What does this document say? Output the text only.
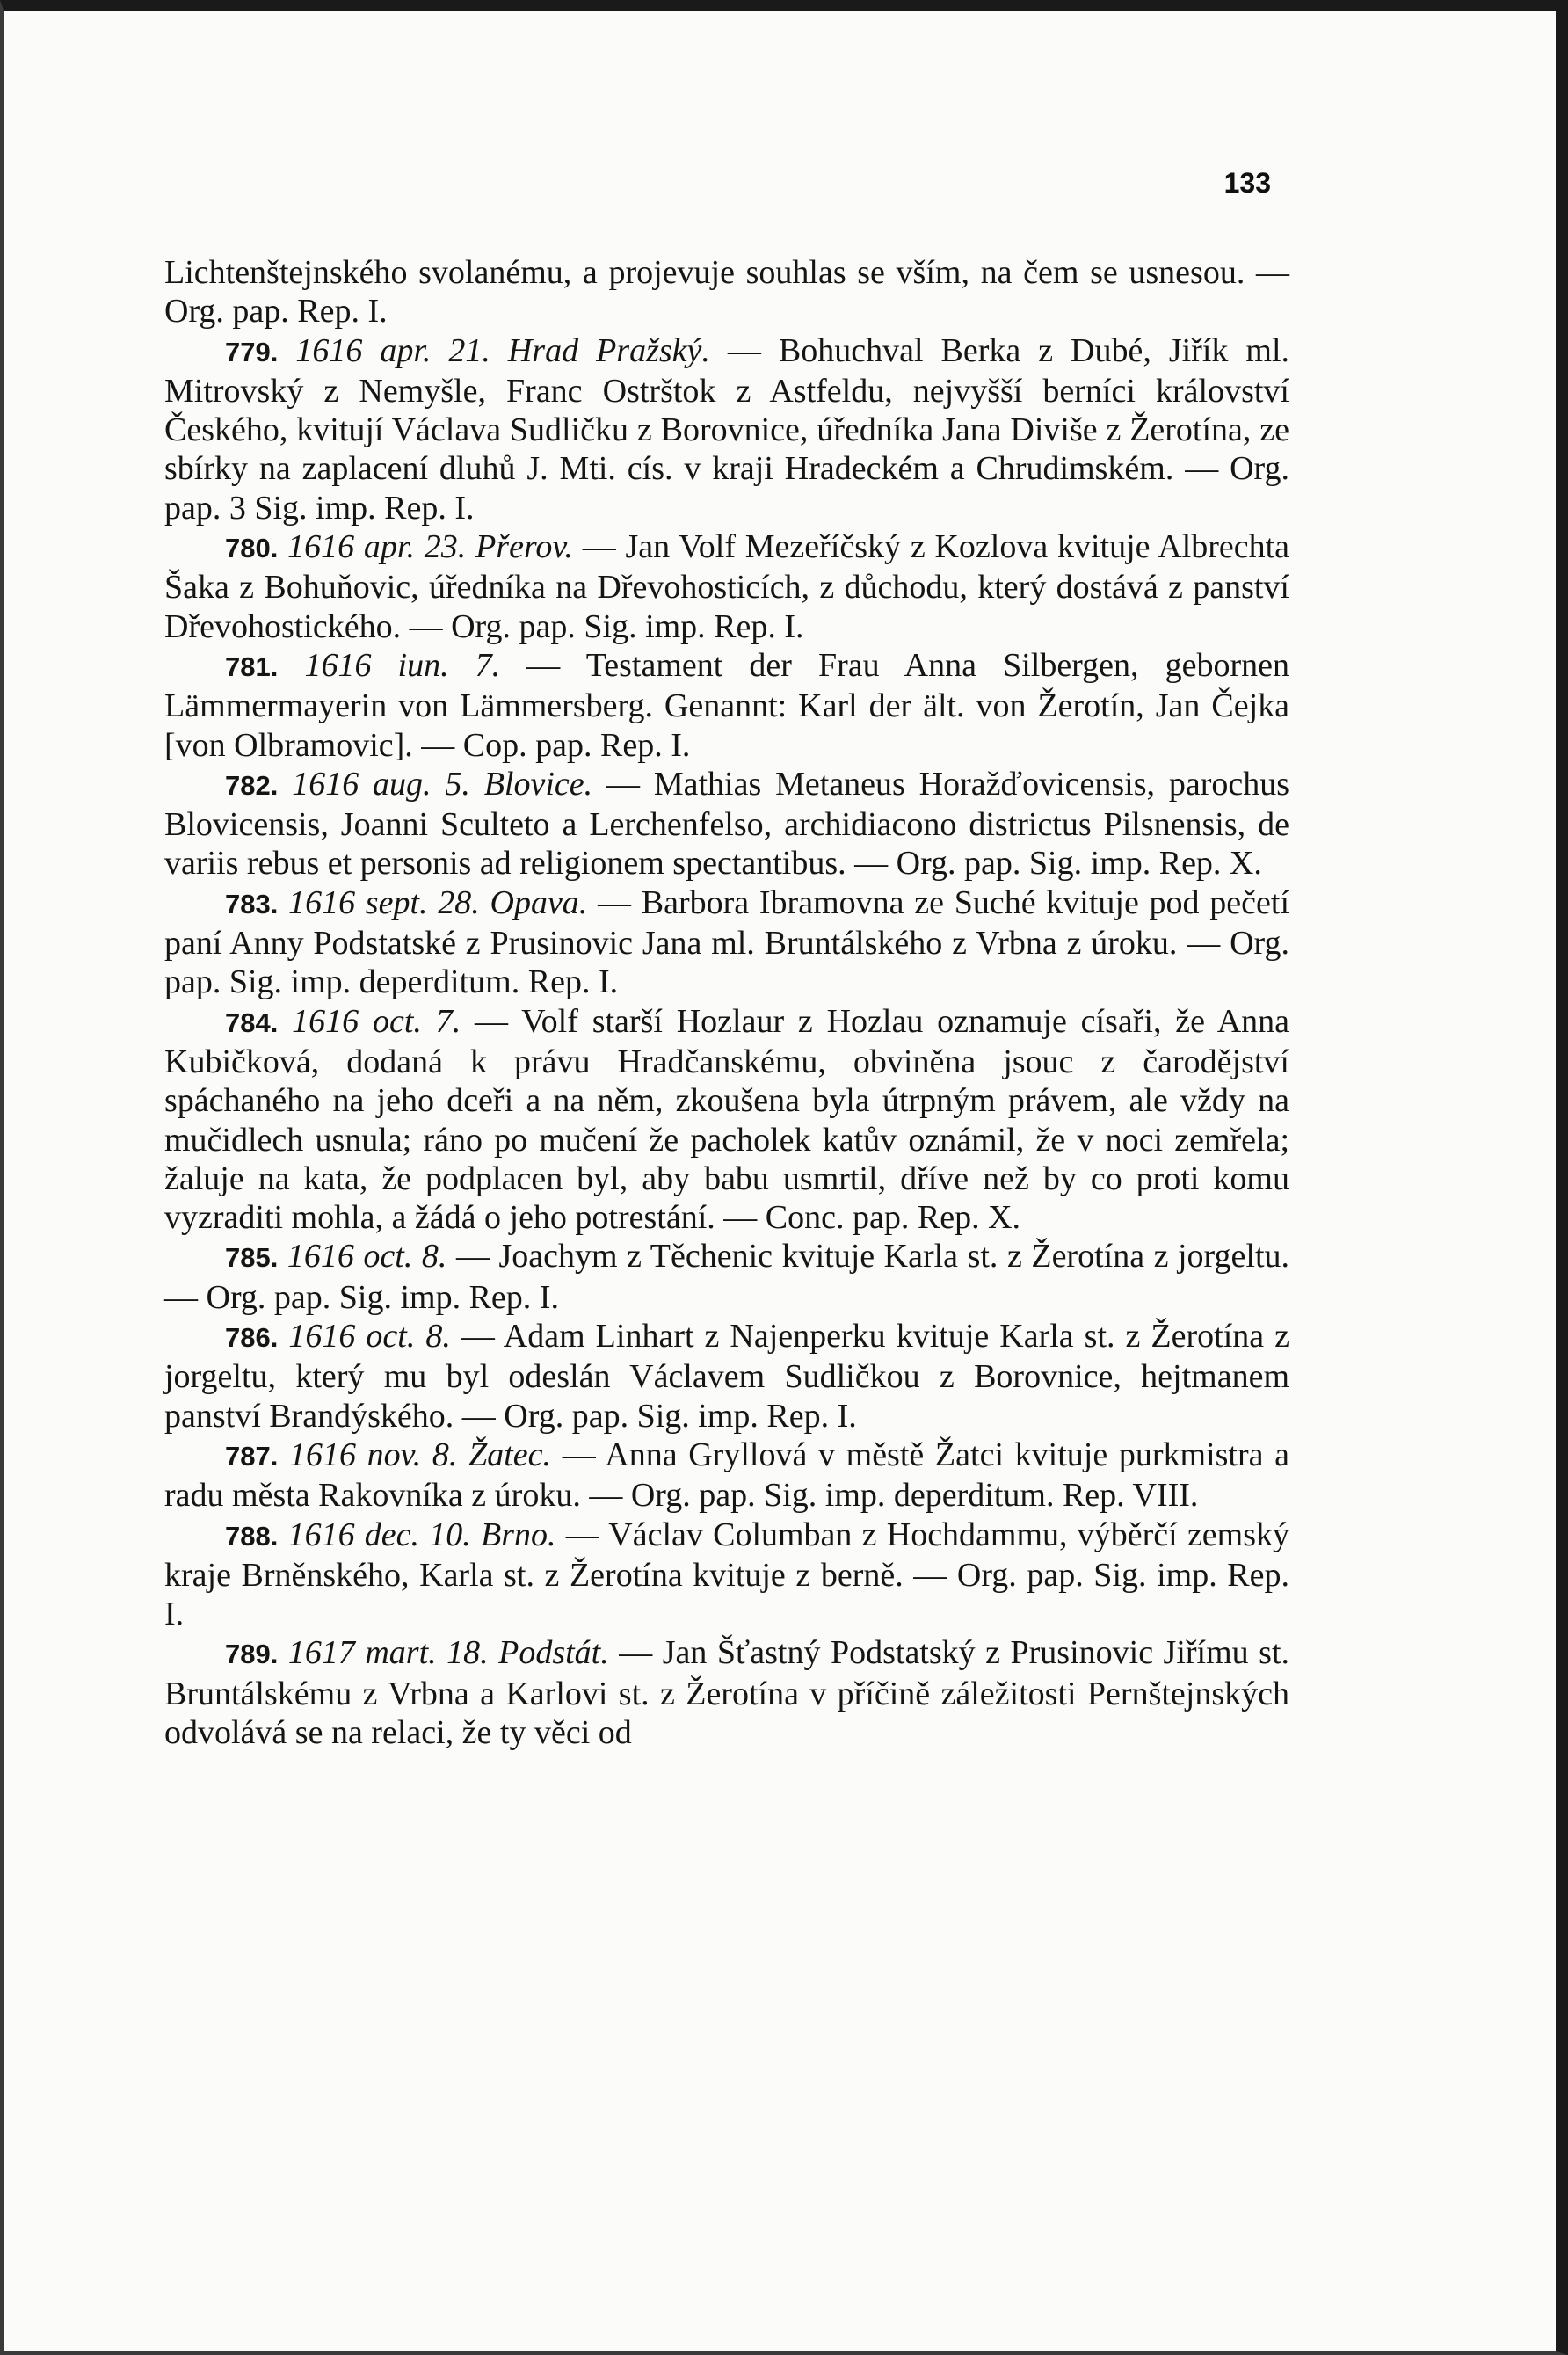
133

Lichtenštejnského svolanému, a projevuje souhlas se vším, na čem se usnesou. — Org. pap. Rep. I.

779. 1616 apr. 21. Hrad Pražský. — Bohuchval Berka z Dubé, Jiřík ml. Mitrovský z Nemyšle, Franc Ostrštok z Astfeldu, nejvyšší berníci království Českého, kvitují Václava Sudličku z Borovnice, úředníka Jana Diviše z Žerotína, ze sbírky na zaplacení dluhů J. Mti. cís. v kraji Hradeckém a Chrudimském. — Org. pap. 3 Sig. imp. Rep. I.

780. 1616 apr. 23. Přerov. — Jan Volf Mezeříčský z Kozlova kvituje Albrechta Šaka z Bohuňovic, úředníka na Dřevohosticích, z důchodu, který dostává z panství Dřevohostického. — Org. pap. Sig. imp. Rep. I.

781. 1616 iun. 7. — Testament der Frau Anna Silbergen, gebornen Lämmermayerin von Lämmersberg. Genannt: Karl der ält. von Žerotín, Jan Čejka [von Olbramovic]. — Cop. pap. Rep. I.

782. 1616 aug. 5. Blovice. — Mathias Metaneus Horažďovicensis, parochus Blovicensis, Joanni Sculteto a Lerchenfelso, archidiacono districtus Pilsnensis, de variis rebus et personis ad religionem spectantibus. — Org. pap. Sig. imp. Rep. X.

783. 1616 sept. 28. Opava. — Barbora Ibramovna ze Suché kvituje pod pečetí paní Anny Podstatské z Prusinovic Jana ml. Bruntálského z Vrbna z úroku. — Org. pap. Sig. imp. deperditum. Rep. I.

784. 1616 oct. 7. — Volf starší Hozlaur z Hozlau oznamuje císaři, že Anna Kubičková, dodaná k právu Hradčanskému, obviněna jsouc z čarodějství spáchaného na jeho dceři a na něm, zkoušena byla útrpným právem, ale vždy na mučidlech usnula; ráno po mučení že pacholek katův oznámil, že v noci zemřela; žaluje na kata, že podplacen byl, aby babu usmrtil, dříve než by co proti komu vyzraditi mohla, a žádá o jeho potrestání. — Conc. pap. Rep. X.

785. 1616 oct. 8. — Joachym z Těchenic kvituje Karla st. z Žerotína z jorgeltu. — Org. pap. Sig. imp. Rep. I.

786. 1616 oct. 8. — Adam Linhart z Najenperku kvituje Karla st. z Žerotína z jorgeltu, který mu byl odeslán Václavem Sudličkou z Borovnice, hejtmanem panství Brandýského. — Org. pap. Sig. imp. Rep. I.

787. 1616 nov. 8. Žatec. — Anna Gryllová v městě Žatci kvituje purkmistra a radu města Rakovníka z úroku. — Org. pap. Sig. imp. deperditum. Rep. VIII.

788. 1616 dec. 10. Brno. — Václav Columban z Hochdammu, výběrčí zemský kraje Brněnského, Karla st. z Žerotína kvituje z berně. — Org. pap. Sig. imp. Rep. I.

789. 1617 mart. 18. Podstát. — Jan Šťastný Podstatský z Prusinovic Jiřímu st. Bruntálskému z Vrbna a Karlovi st. z Žerotína v příčině záležitosti Pernštejnských odvolává se na relaci, že ty věci od
